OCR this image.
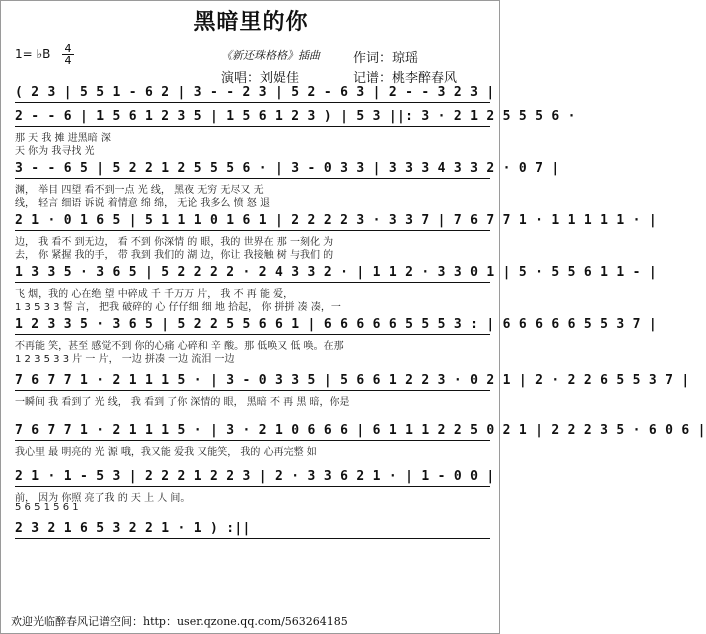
黑暗里的你
1= ♭B 4
4	《新还珠格格》插曲	作词：琼瑶
演唱：刘媞佳	记谱：桃李醉春风
( 2 3 | 5 5 1 - 6 2 | 3 - - 2 3 | 5 2 - 6 3 | 2 - - 3 2 3 |
2 - - 6 | 1 5 6 1 2 3 5 | 1 5 6 1 2 3 ) | 5 3 ||: 3 · 2 1 2 5 5 5 6 ·
那 天 我 摊 进黑暗 深
天 你为 我寻找 光
3 - - 6 5 | 5 2 2 1 2 5 5 5 6 · | 3 - 0 3 3 | 3 3 3 4 3 3 2 · 0 7 |
渊， 举目 四望 看不到一点 光 线， 黑夜 无穷 无尽又 无
线， 轻言 细语 诉说 着情意 绵 绵， 无论 我多么 愤 怒 退
2 1 · 0 1 6 5 | 5 1 1 1 0 1 6 1 | 2 2 2 2 3 · 3 3 7 | 7 6 7 7 1 · 1 1 1 1 1 · |
边， 我 看不 到无边， 看 不到 你深情 的 眼，我的 世界在 那 一刻化 为
去， 你 紧握 我的手， 带 我到 我们的 湖 边，你让 我接触 树 与我们 的
1 3 3 5 · 3 6 5 | 5 2 2 2 2 · 2 4 3 3 2 · | 1 1 2 · 3 3 0 1 | 5 · 5 5 6 1 1 - |
飞 烟，我的 心在绝 望 中碎成 千 千万万 片， 我 不 再 能 爱，
1 3 5 3 3 誓 言， 把我 破碎的 心 仔仔细 细 地 拾起， 你 拼拼 凑 凑，一
1 2 3 3 5 · 3 6 5 | 5 2 2 5 5 6 6 1 | 6 6 6 6 6 5 5 5 3 : | 6 6 6 6 6 5 5 3 7 |
不再能 笑，甚至 感觉不到 你的心痛 心碎和 辛 酸。那 低唤又 低 唤。在那
1 2 3 5 3 3 片 一 片， 一边 拼凑 一边 流泪 一边
7 6 7 7 1 · 2 1 1 1 5 · | 3 - 0 3 3 5 | 5 6 6 1 2 2 3 · 0 2 1 | 2 · 2 2 6 5 5 3 7 |
一瞬间 我 看到了 光 线， 我 看到 了你 深情的 眼， 黑暗 不 再 黑 暗，你是
7 6 7 7 1 · 2 1 1 1 5 · | 3 · 2 1 0 6 6 6 | 6 1 1 1 2 2 5 0 2 1 | 2 2 2 3 5 · 6 0 6 |
我心里 最 明亮的 光 源 哦，我又能 爱我 又能笑， 我的 心再完整 如
2 1 · 1 - 5 3 | 2 2 2 1 2 2 3 | 2 · 3 3 6 2 1 · | 1 - 0 0 |
前， 因为 你照 亮了我 的 天 上 人 间。
5 6 5 1 5 6 1
2 3 2 1 6 5 3 2 2 1 · 1 ) :||
欢迎光临醉春风记谱空间：http：user.qzone.qq.com/563264185
